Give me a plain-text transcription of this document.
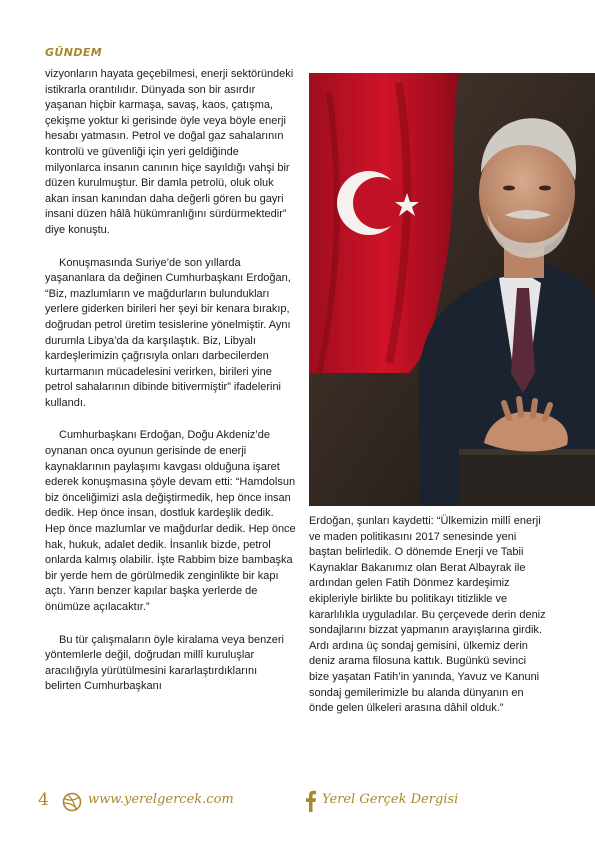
GÜNDEM

vizyonların hayata geçebilmesi, enerji sektöründeki istikrarla orantılıdır. Dünyada son bir asırdır yaşanan hiçbir karmaşa, savaş, kaos, çatışma, çekişme yoktur ki gerisinde öyle veya böyle enerji hesabı yatmasın. Petrol ve doğal gaz sahalarının kontrolü ve güvenliği için yeri geldiğinde milyonlarca insanın canının hiçe sayıldığı vahşi bir düzen kurulmuştur. Bir damla petrolü, oluk oluk akan insan kanından daha değerli gören bu gayri insani düzen hâlâ hükümranlığını sürdürmektedir” diye konuştu.

Konuşmasında Suriye’de son yıllarda yaşananlara da değinen Cumhurbaşkanı Erdoğan, “Biz, mazlumların ve mağdurların bulundukları yerlere giderken birileri her şeyi bir kenara bırakıp, doğrudan petrol üretim tesislerine yönelmiştir. Aynı durumla Libya’da da karşılaştık. Biz, Libyalı kardeşlerimizin çağrısıyla onları darbecilerden kurtarmanın mücadelesini verirken, birileri yine petrol sahalarının dibinde bitivermiştir” ifadelerini kullandı.

Cumhurbaşkanı Erdoğan, Doğu Akdeniz’de oynanan onca oyunun gerisinde de enerji kaynaklarının paylaşımı kavgası olduğuna işaret ederek konuşmasına şöyle devam etti: “Hamdolsun biz önceliğimizi asla değiştirmedik, hep önce insan dedik. Hep önce insan, dostluk kardeşlik dedik. Hep önce mazlumlar ve mağdurlar dedik. Hep önce hak, hukuk, adalet dedik. İnsanlık bizde, petrol onlarda kalmış olabilir. İşte Rabbim bize bambaşka bir yerde hem de görülmedik zenginlikte bir kapı açtı. Yarın benzer kapılar başka yerlerde de önümüze açılacaktır.”

Bu tür çalışmaların öyle kiralama veya benzeri yöntemlerle değil, doğrudan millî kuruluşlar aracılığıyla yürütülmesini kararlaştırdıklarını belirten Cumhurbaşkanı

Erdoğan, şunları kaydetti: “Ülkemizin millî enerji ve maden politikasını 2017 senesinde yeni baştan belirledik. O dönemde Enerji ve Tabii Kaynaklar Bakanımız olan Berat Albayrak ile ardından gelen Fatih Dönmez kardeşimiz ekipleriyle birlikte bu politikayı titizlikle ve kararlılıkla uyguladılar. Bu çerçevede derin deniz sondajlarını bizzat yapmanın arayışlarına girdik. Ardı ardına üç sondaj gemisini, ülkemiz derin deniz arama filosuna kattık. Bugünkü sevinci bize yaşatan Fatih’in yanında, Yavuz ve Kanuni sondaj gemilerimizle bu alanda dünyanın en önde gelen ülkeleri arasına dâhil olduk.”

4	www.yerelgercek.com	Yerel Gerçek Dergisi
